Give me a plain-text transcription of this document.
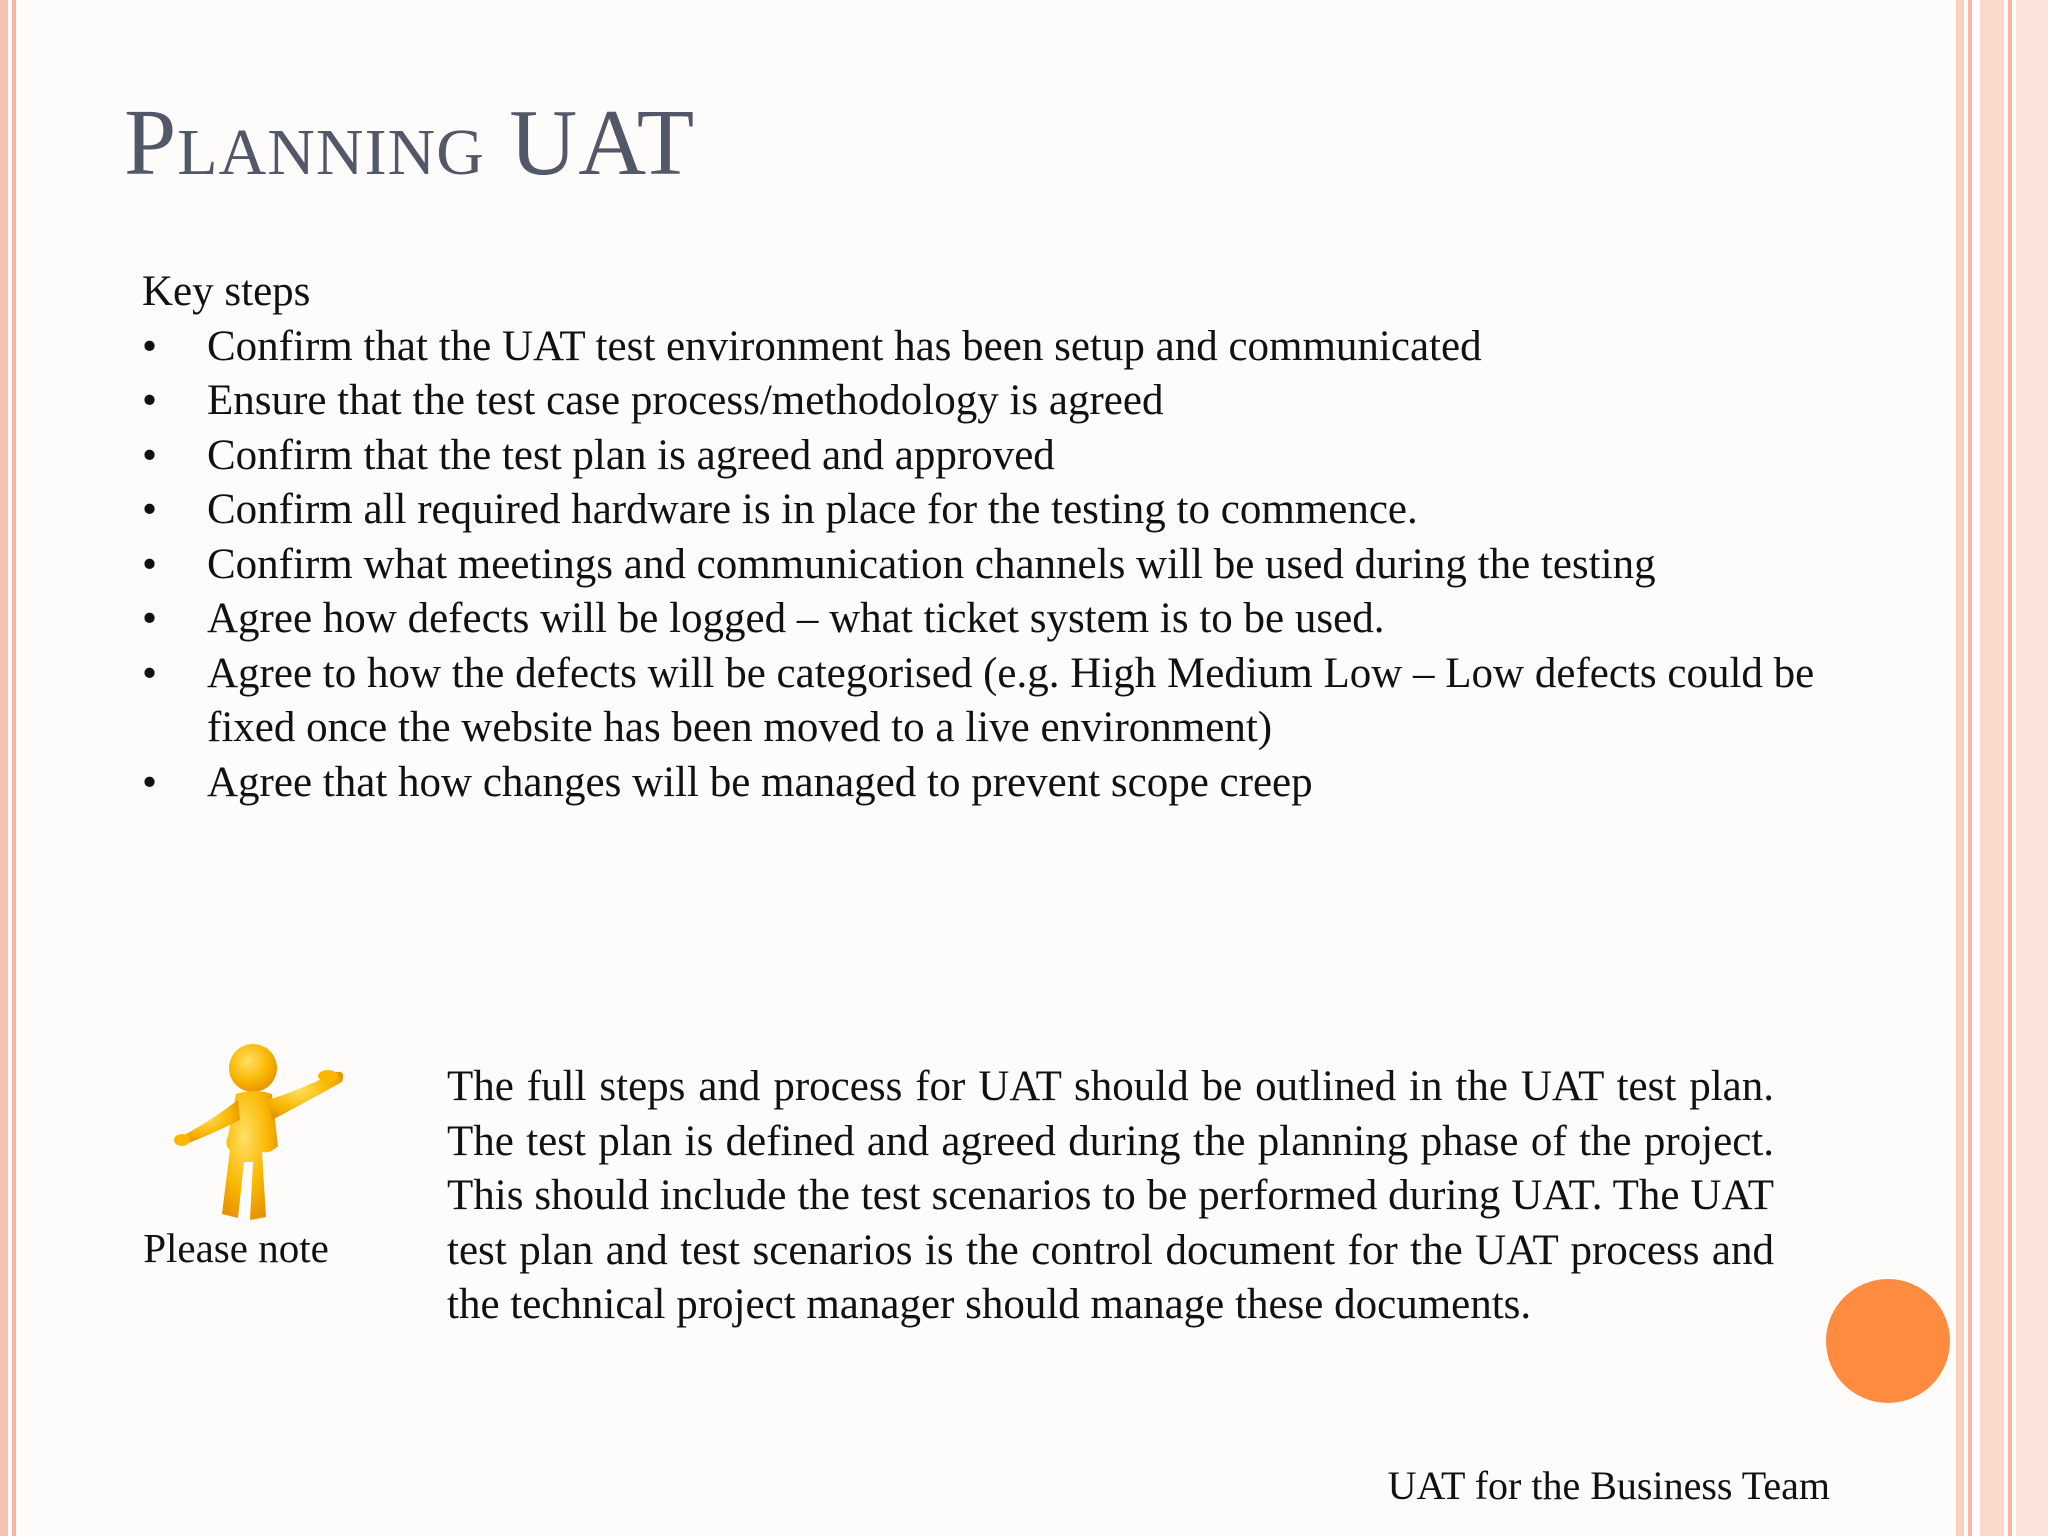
Planning UAT

Key steps

• Confirm that the UAT test environment has been setup and communicated
• Ensure that the test case process/methodology is agreed
• Confirm that the test plan is agreed and approved
• Confirm all required hardware is in place for the testing to commence.
• Confirm what meetings and communication channels will be used during the testing
• Agree how defects will be logged – what ticket system is to be used.
• Agree to how the defects will be categorised (e.g. High Medium Low – Low defects could be fixed once the website has been moved to a live environment)
• Agree that how changes will be managed to prevent scope creep
Please note
The full steps and process for UAT should be outlined in the UAT test plan. The test plan is defined and agreed during the planning phase of the project. This should include the test scenarios to be performed during UAT. The UAT test plan and test scenarios is the control document for the UAT process and the technical project manager should manage these documents.
UAT for the Business Team
